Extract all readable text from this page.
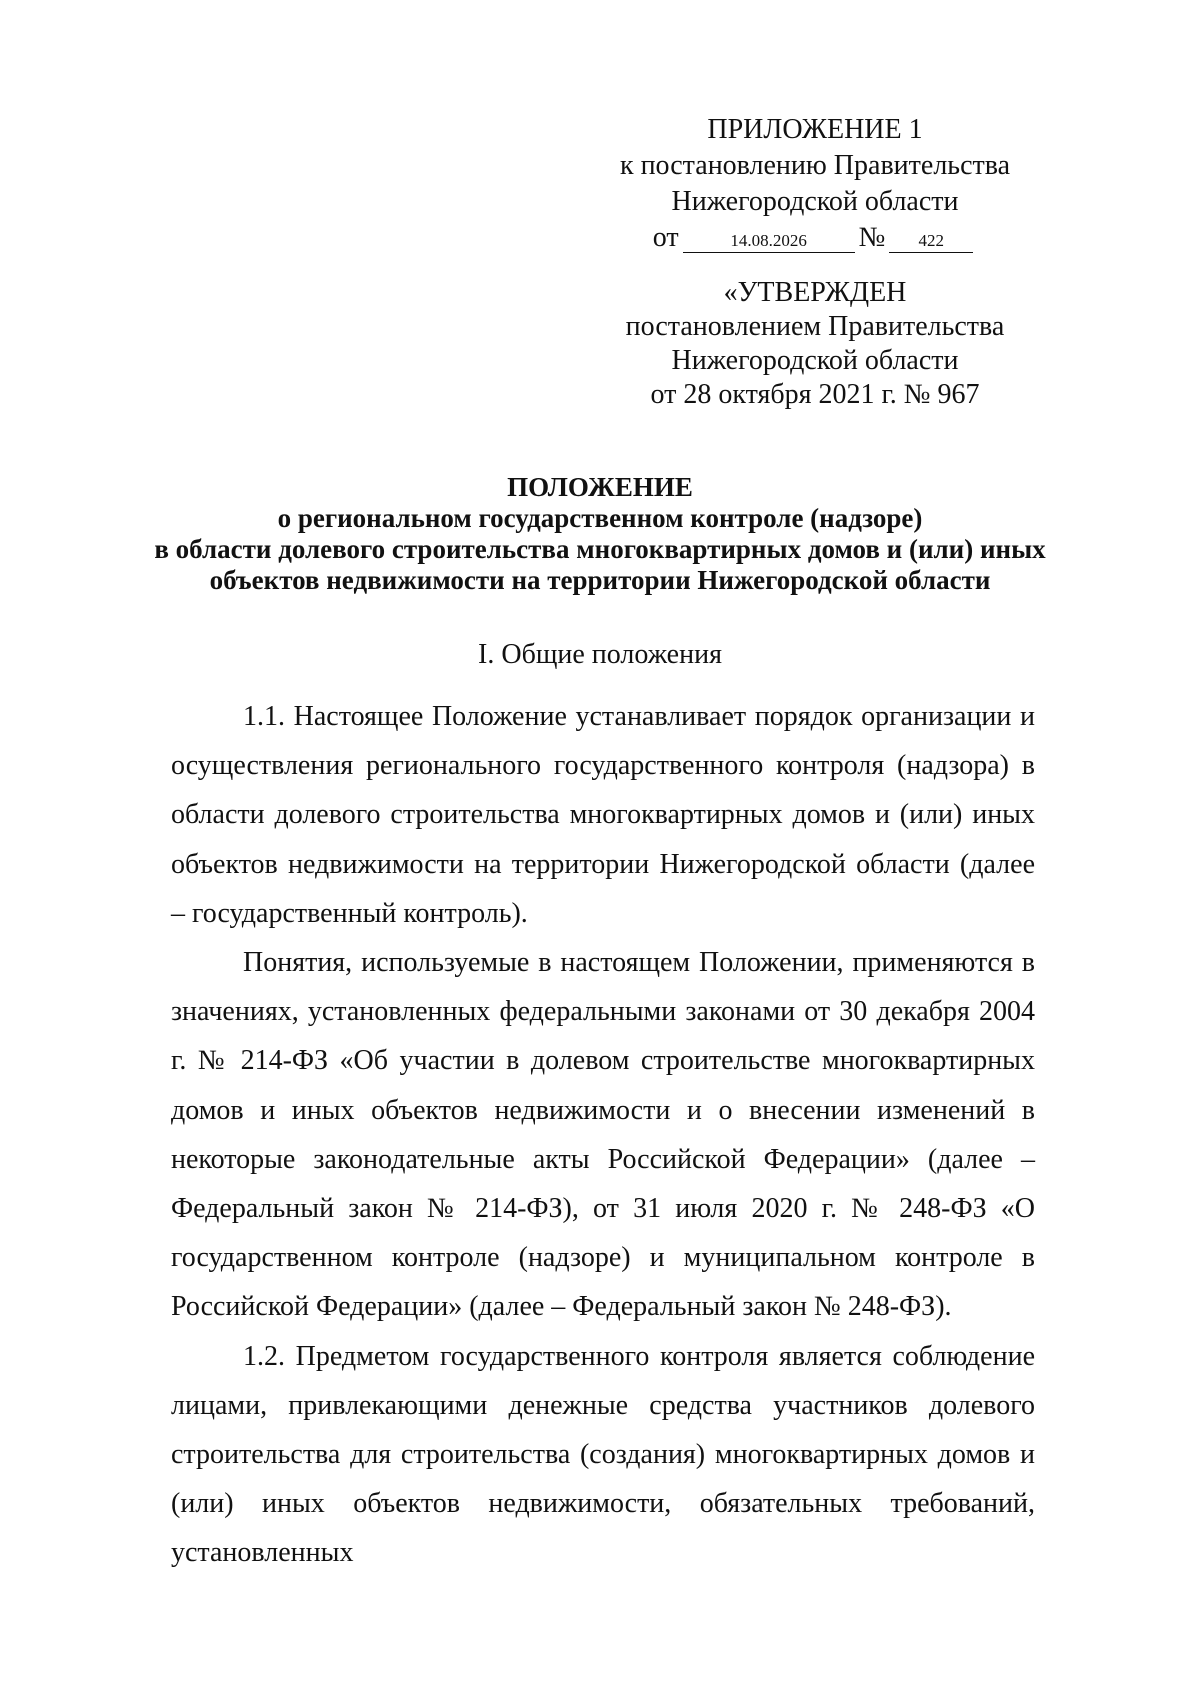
ПРИЛОЖЕНИЕ 1
к постановлению Правительства
Нижегородской области
от	14.08.2026	№	422
«УТВЕРЖДЕН
постановлением Правительства
Нижегородской области
от 28 октября 2021 г. № 967
ПОЛОЖЕНИЕ
о региональном государственном контроле (надзоре)
в области долевого строительства многоквартирных домов и (или) иных
объектов недвижимости на территории Нижегородской области
I. Общие положения

1.1. Настоящее Положение устанавливает порядок организации и осуществления регионального государственного контроля (надзора) в области долевого строительства многоквартирных домов и (или) иных объектов недвижимости на территории Нижегородской области (далее – государственный контроль).

Понятия, используемые в настоящем Положении, применяются в значениях, установленных федеральными законами от 30 декабря 2004 г. № 214-ФЗ «Об участии в долевом строительстве многоквартирных домов и иных объектов недвижимости и о внесении изменений в некоторые законодательные акты Российской Федерации» (далее – Федеральный закон № 214-ФЗ), от 31 июля 2020 г. № 248-ФЗ «О государственном контроле (надзоре) и муниципальном контроле в Российской Федерации» (далее – Федеральный закон № 248-ФЗ).

1.2. Предметом государственного контроля является соблюдение лицами, привлекающими денежные средства участников долевого строительства для строительства (создания) многоквартирных домов и (или) иных объектов недвижимости, обязательных требований, установленных
